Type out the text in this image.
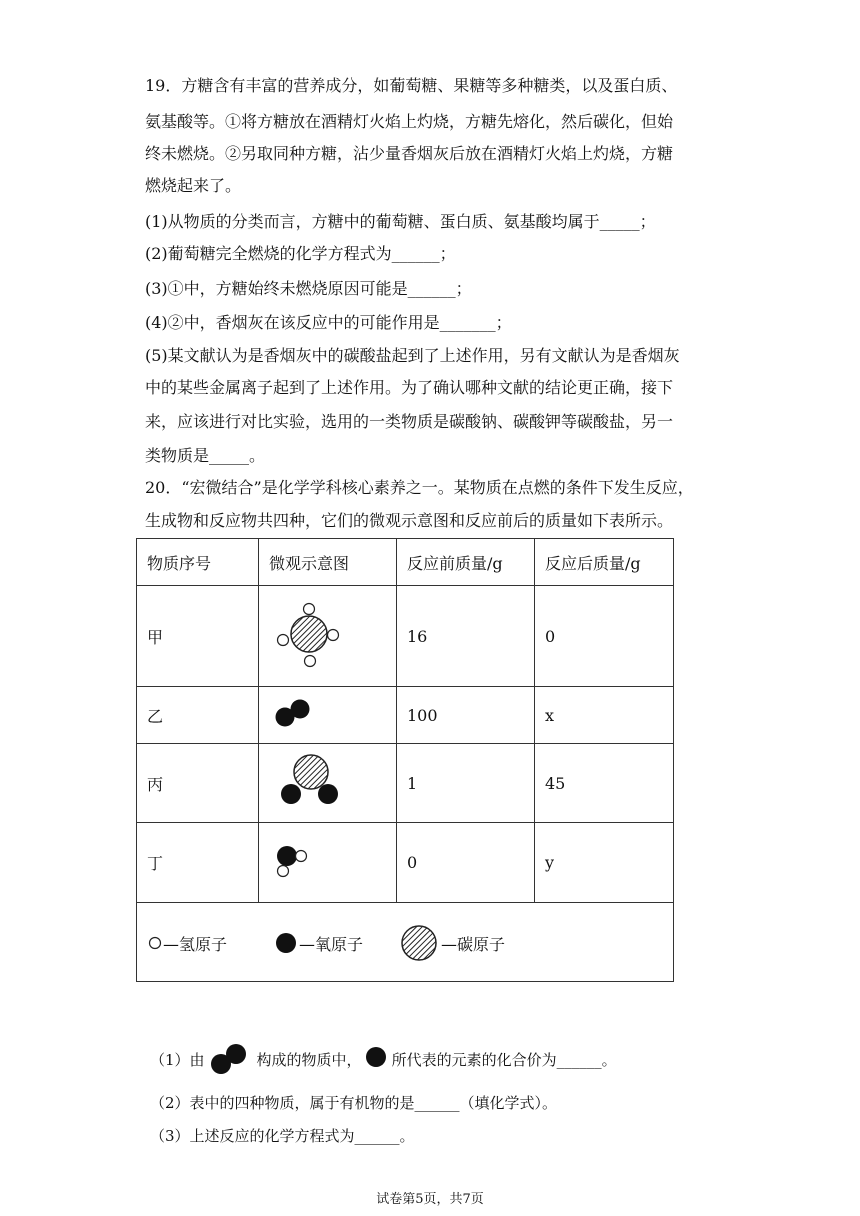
19．方糖含有丰富的营养成分，如葡萄糖、果糖等多种糖类，以及蛋白质、
氨基酸等。①将方糖放在酒精灯火焰上灼烧，方糖先熔化，然后碳化，但始
终未燃烧。②另取同种方糖，沾少量香烟灰后放在酒精灯火焰上灼烧，方糖
燃烧起来了。
(1)从物质的分类而言，方糖中的葡萄糖、蛋白质、氨基酸均属于_____；
(2)葡萄糖完全燃烧的化学方程式为______；
(3)①中，方糖始终未燃烧原因可能是______；
(4)②中，香烟灰在该反应中的可能作用是_______；
(5)某文献认为是香烟灰中的碳酸盐起到了上述作用，另有文献认为是香烟灰
中的某些金属离子起到了上述作用。为了确认哪种文献的结论更正确，接下
来，应该进行对比实验，选用的一类物质是碳酸钠、碳酸钾等碳酸盐，另一
类物质是_____。
20．“宏微结合”是化学学科核心素养之一。某物质在点燃的条件下发生反应，
生成物和反应物共四种，它们的微观示意图和反应前后的质量如下表所示。
物质序号	微观示意图	反应前质量/g	反应后质量/g
甲		16	0
乙		100	x
丙		1	45
丁		0	y

—氢原子 —氧原子 —碳原子			
（1）由	构成的物质中， 所代表的元素的化合价为______。
（2）表中的四种物质，属于有机物的是______（填化学式）。
（3）上述反应的化学方程式为______。
试卷第5页，共7页
